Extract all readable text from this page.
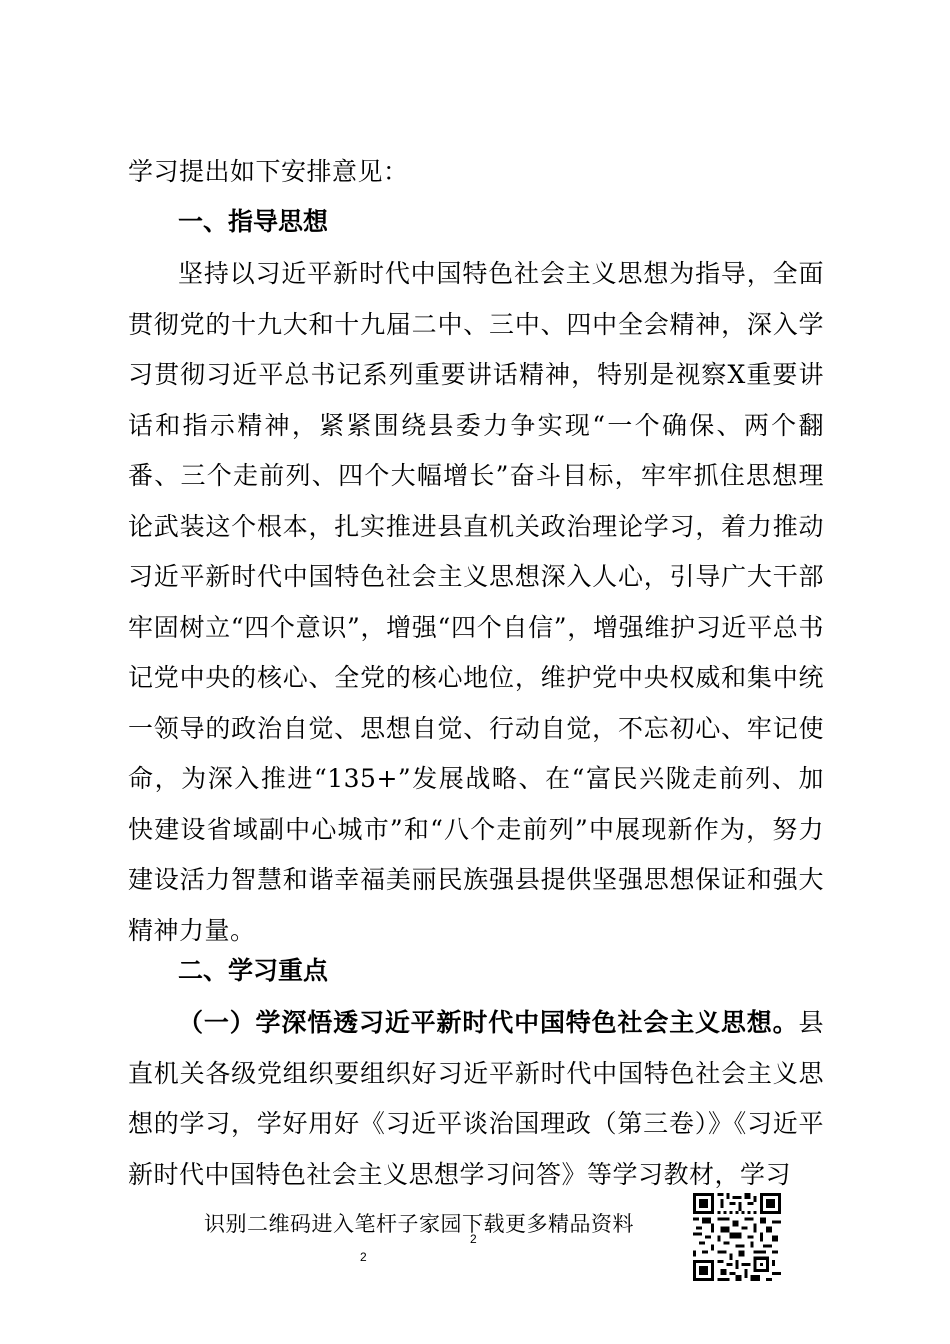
学习提出如下安排意见：

一、指导思想

坚持以习近平新时代中国特色社会主义思想为指导，全面贯彻党的十九大和十九届二中、三中、四中全会精神，深入学习贯彻习近平总书记系列重要讲话精神，特别是视察X重要讲话和指示精神，紧紧围绕县委力争实现“一个确保、两个翻番、三个走前列、四个大幅增长”奋斗目标，牢牢抓住思想理论武装这个根本，扎实推进县直机关政治理论学习，着力推动习近平新时代中国特色社会主义思想深入人心，引导广大干部牢固树立“四个意识”，增强“四个自信”，增强维护习近平总书记党中央的核心、全党的核心地位，维护党中央权威和集中统一领导的政治自觉、思想自觉、行动自觉，不忘初心、牢记使命，为深入推进“135+”发展战略、在“富民兴陇走前列、加快建设省域副中心城市”和“八个走前列”中展现新作为，努力建设活力智慧和谐幸福美丽民族强县提供坚强思想保证和强大精神力量。

二、学习重点

（一）学深悟透习近平新时代中国特色社会主义思想。县直机关各级党组织要组织好习近平新时代中国特色社会主义思想的学习，学好用好《习近平谈治国理政（第三卷）》《习近平新时代中国特色社会主义思想学习问答》等学习教材，学习

识别二维码进入笔杆子家园下载更多精品资料
2
2
